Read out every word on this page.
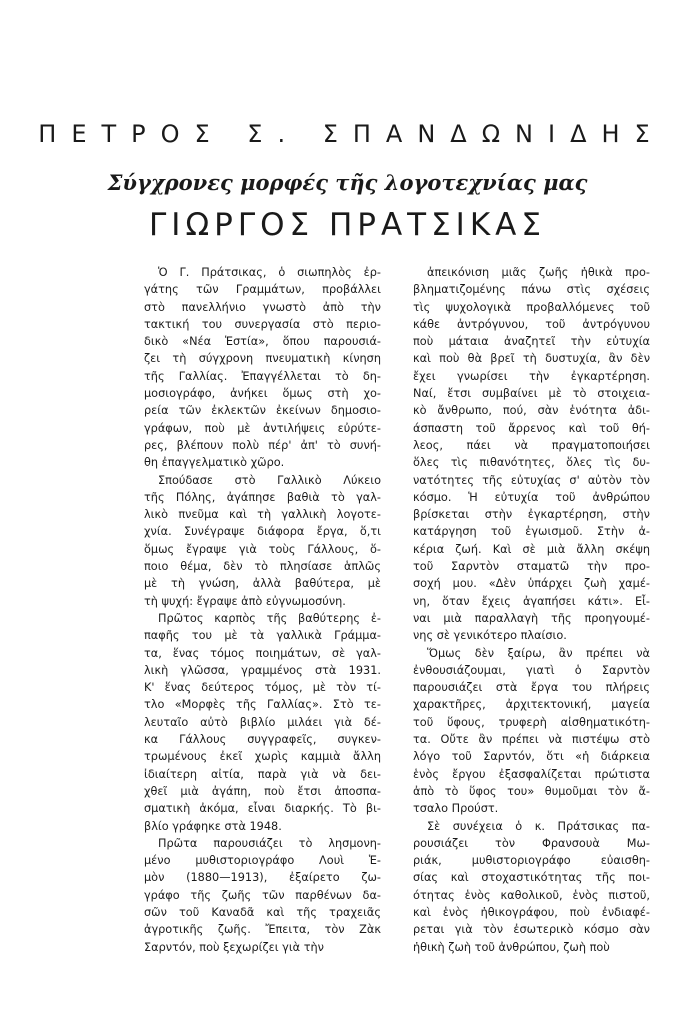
ΠΕΤΡΟΣ Σ. ΣΠΑΝΔΩΝΙΔΗΣ
Σύγχρονες μορφές τῆς λογοτεχνίας μας
ΓΙΩΡΓΟΣ ΠΡΑΤΣΙΚΑΣ
Ὁ Γ. Πράτσικας, ὁ σιωπηλὸς ἐρ-
γάτης τῶν Γραμμάτων, προβάλλει
στὸ πανελλήνιο γνωστὸ ἀπὸ τὴν
τακτική του συνεργασία στὸ περιο-
δικὸ «Νέα Ἑστία», ὅπου παρουσιά-
ζει τὴ σύγχρονη πνευματικὴ κίνηση
τῆς Γαλλίας. Ἐπαγγέλλεται τὸ δη-
μοσιογράφο, ἀνήκει ὅμως στὴ χο-
ρεία τῶν ἐκλεκτῶν ἐκείνων δημοσιο-
γράφων, ποὺ μὲ ἀντιλήψεις εὐρύτε-
ρες, βλέπουν πολὺ πέρ' ἀπ' τὸ συνή-
θη ἐπαγγελματικὸ χῶρο.
Σπούδασε στὸ Γαλλικὸ Λύκειο
τῆς Πόλης, ἀγάπησε βαθιὰ τὸ γαλ-
λικὸ πνεῦμα καὶ τὴ γαλλικὴ λογοτε-
χνία. Συνέγραψε διάφορα ἔργα, ὅ,τι
ὅμως ἔγραψε γιὰ τοὺς Γάλλους, ὅ-
ποιο θέμα, δὲν τὸ πλησίασε ἁπλῶς
μὲ τὴ γνώση, ἀλλὰ βαθύτερα, μὲ
τὴ ψυχή: ἔγραψε ἀπὸ εὐγνωμοσύνη.
Πρῶτος καρπὸς τῆς βαθύτερης ἐ-
παφῆς του μὲ τὰ γαλλικὰ Γράμμα-
τα, ἕνας τόμος ποιημάτων, σὲ γαλ-
λικὴ γλῶσσα, γραμμένος στὰ 1931.
Κ' ἕνας δεύτερος τόμος, μὲ τὸν τί-
τλο «Μορφὲς τῆς Γαλλίας». Στὸ τε-
λευταῖο αὐτὸ βιβλίο μιλάει γιὰ δέ-
κα Γάλλους συγγραφεῖς, συγκεν-
τρωμένους ἐκεῖ χωρὶς καμμιὰ ἄλλη
ἰδιαίτερη αἰτία, παρὰ γιὰ νὰ δει-
χθεῖ μιὰ ἀγάπη, ποὺ ἔτσι ἀποσπα-
σματικὴ ἀκόμα, εἶναι διαρκής. Τὸ βι-
βλίο γράφηκε στὰ 1948.
Πρῶτα παρουσιάζει τὸ λησμονη-
μένο μυθιστοριογράφο Λουὶ Ἑ-
μὸν (1880—1913), ἐξαίρετο ζω-
γράφο τῆς ζωῆς τῶν παρθένων δα-
σῶν τοῦ Καναδᾶ καὶ τῆς τραχειᾶς
ἀγροτικῆς ζωῆς. Ἔπειτα, τὸν Ζὰκ
Σαρντόν, ποὺ ξεχωρίζει γιὰ τὴν
ἀπεικόνιση μιᾶς ζωῆς ἠθικὰ προ-
βληματιζομένης πάνω στὶς σχέσεις
τὶς ψυχολογικὰ προβαλλόμενες τοῦ
κάθε ἀντρόγυνου, τοῦ ἀντρόγυνου
ποὺ μάταια ἀναζητεῖ τὴν εὐτυχία
καὶ ποὺ θὰ βρεῖ τὴ δυστυχία, ἂν δὲν
ἔχει γνωρίσει τὴν ἐγκαρτέρηση.
Ναί, ἔτσι συμβαίνει μὲ τὸ στοιχεια-
κὸ ἄνθρωπο, πού, σὰν ἑνότητα ἀδι-
άσπαστη τοῦ ἄρρενος καὶ τοῦ θή-
λεος, πάει νὰ πραγματοποιήσει
ὅλες τὶς πιθανότητες, ὅλες τὶς δυ-
νατότητες τῆς εὐτυχίας σ' αὐτὸν τὸν
κόσμο. Ἡ εὐτυχία τοῦ ἀνθρώπου
βρίσκεται στὴν ἐγκαρτέρηση, στὴν
κατάργηση τοῦ ἐγωισμοῦ. Στὴν ἀ-
κέρια ζωή. Καὶ σὲ μιὰ ἄλλη σκέψη
τοῦ Σαρντὸν σταματῶ τὴν προ-
σοχή μου. «Δὲν ὑπάρχει ζωὴ χαμέ-
νη, ὅταν ἔχεις ἀγαπήσει κάτι». Εἶ-
ναι μιὰ παραλλαγὴ τῆς προηγουμέ-
νης σὲ γενικότερο πλαίσιο.
Ὅμως δὲν ξαίρω, ἂν πρέπει νὰ
ἐνθουσιάζουμαι, γιατὶ ὁ Σαρντὸν
παρουσιάζει στὰ ἔργα του πλήρεις
χαρακτῆρες, ἀρχιτεκτονική, μαγεία
τοῦ ὕφους, τρυφερὴ αἰσθηματικότη-
τα. Οὔτε ἂν πρέπει νὰ πιστέψω στὸ
λόγο τοῦ Σαρντόν, ὅτι «ἡ διάρκεια
ἑνὸς ἔργου ἐξασφαλίζεται πρώτιστα
ἀπὸ τὸ ὕφος του» θυμοῦμαι τὸν ἄ-
τσαλο Προύστ.
Σὲ συνέχεια ὁ κ. Πράτσικας πα-
ρουσιάζει τὸν Φρανσουὰ Μω-
ριάκ, μυθιστοριογράφο εὐαισθη-
σίας καὶ στοχαστικότητας τῆς ποι-
ότητας ἑνὸς καθολικοῦ, ἑνὸς πιστοῦ,
καὶ ἑνὸς ἠθικογράφου, ποὺ ἐνδιαφέ-
ρεται γιὰ τὸν ἐσωτερικὸ κόσμο σὰν
ἠθικὴ ζωὴ τοῦ ἀνθρώπου, ζωὴ ποὺ
